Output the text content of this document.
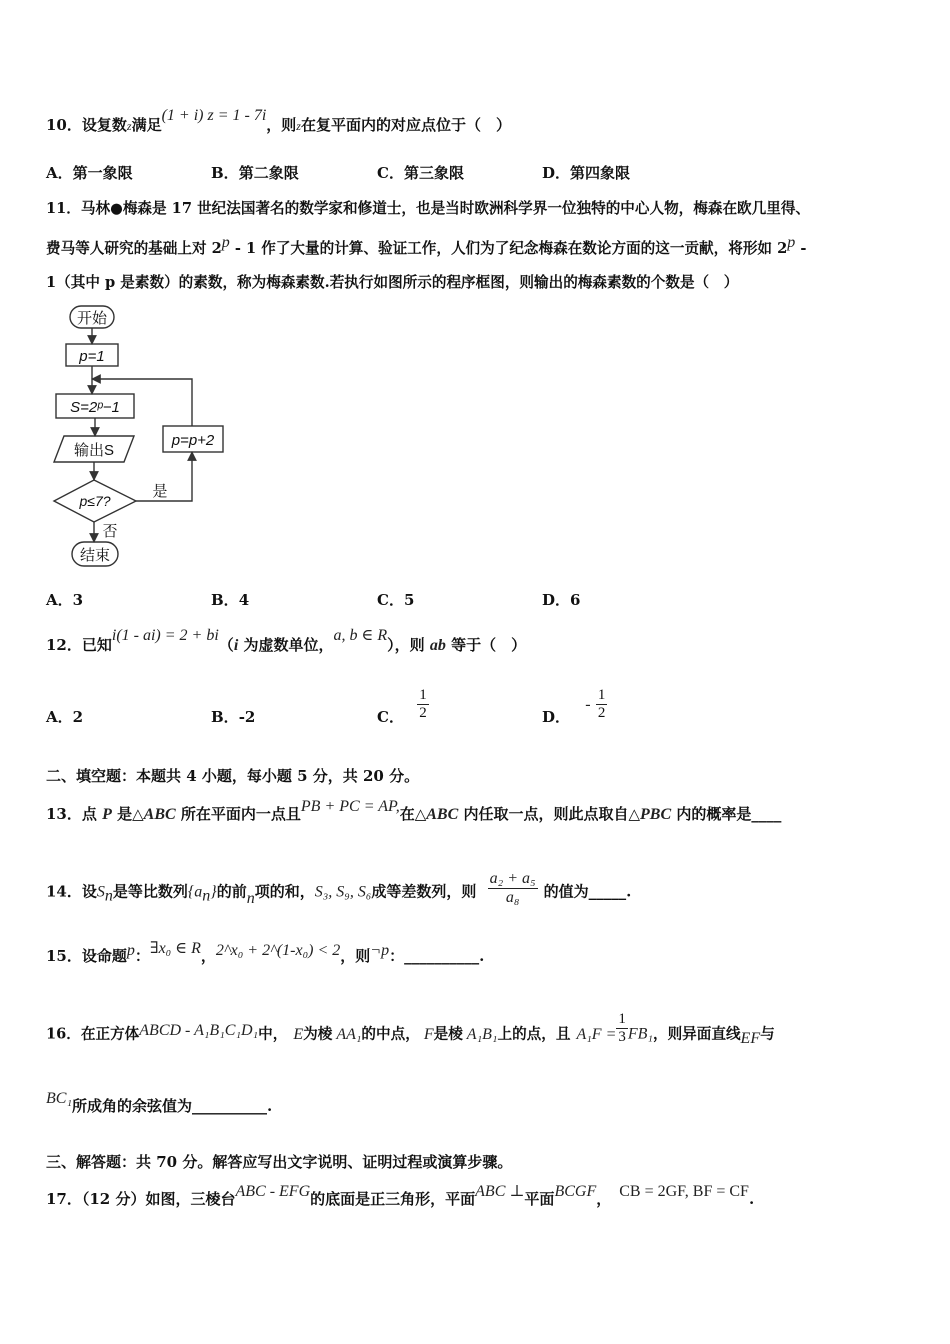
10．设复数z满足(1 + i) z = 1 - 7i，则z在复平面内的对应点位于（　）
A．第一象限	B．第二象限	C．第三象限	D．第四象限
11．马林●梅森是 17 世纪法国著名的数学家和修道士，也是当时欧洲科学界一位独特的中心人物，梅森在欧几里得、
费马等人研究的基础上对 2$^p$ - 1 作了大量的计算、验证工作，人们为了纪念梅森在数论方面的这一贡献，将形如 2$^p$ -
1（其中 p 是素数）的素数，称为梅森素数.若执行如图所示的程序框图，则输出的梅森素数的个数是（　）
开始
p=1
S=2ᵖ−1
输出S
p≤7?
结束
p=p+2
是
否
A．3	B．4	C．5	D．6
12．已知i(1 - ai) = 2 + bi（i 为虚数单位，a, b ∈ R），则 ab 等于（　）
A．2	B．-2	C． $\frac{1}{2}$	D． - $\frac{1}{2}$
二、填空题：本题共 4 小题，每小题 5 分，共 20 分。
13．点 P 是△ABC 所在平面内一点且PB + PC = AP,在△ABC 内任取一点，则此点取自△PBC 内的概率是____
14．设$S_n$是等比数列$\{a_n\}$的前n项的和，S₃, S₉, S₆成等差数列，则 $\frac{\text{a₂ + a₅}}{\text{a₈}}$ 的值为_____.
15．设命题p：∃x₀ ∈ R，2^x₀ + 2^(1-x₀) < 2，则¬p：__________.
16．在正方体ABCD - A₁B₁C₁D₁中， E为棱 AA₁的中点， F是棱 A₁B₁上的点，且 $A_1F = \frac{1}{3} FB_1$，则异面直线EF与
BC₁所成角的余弦值为__________.
三、解答题：共 70 分。解答应写出文字说明、证明过程或演算步骤。
17．（12 分）如图，三棱台ABC - EFG的底面是正三角形，平面ABC ⊥平面BCGF， CB = 2GF, BF = CF.
